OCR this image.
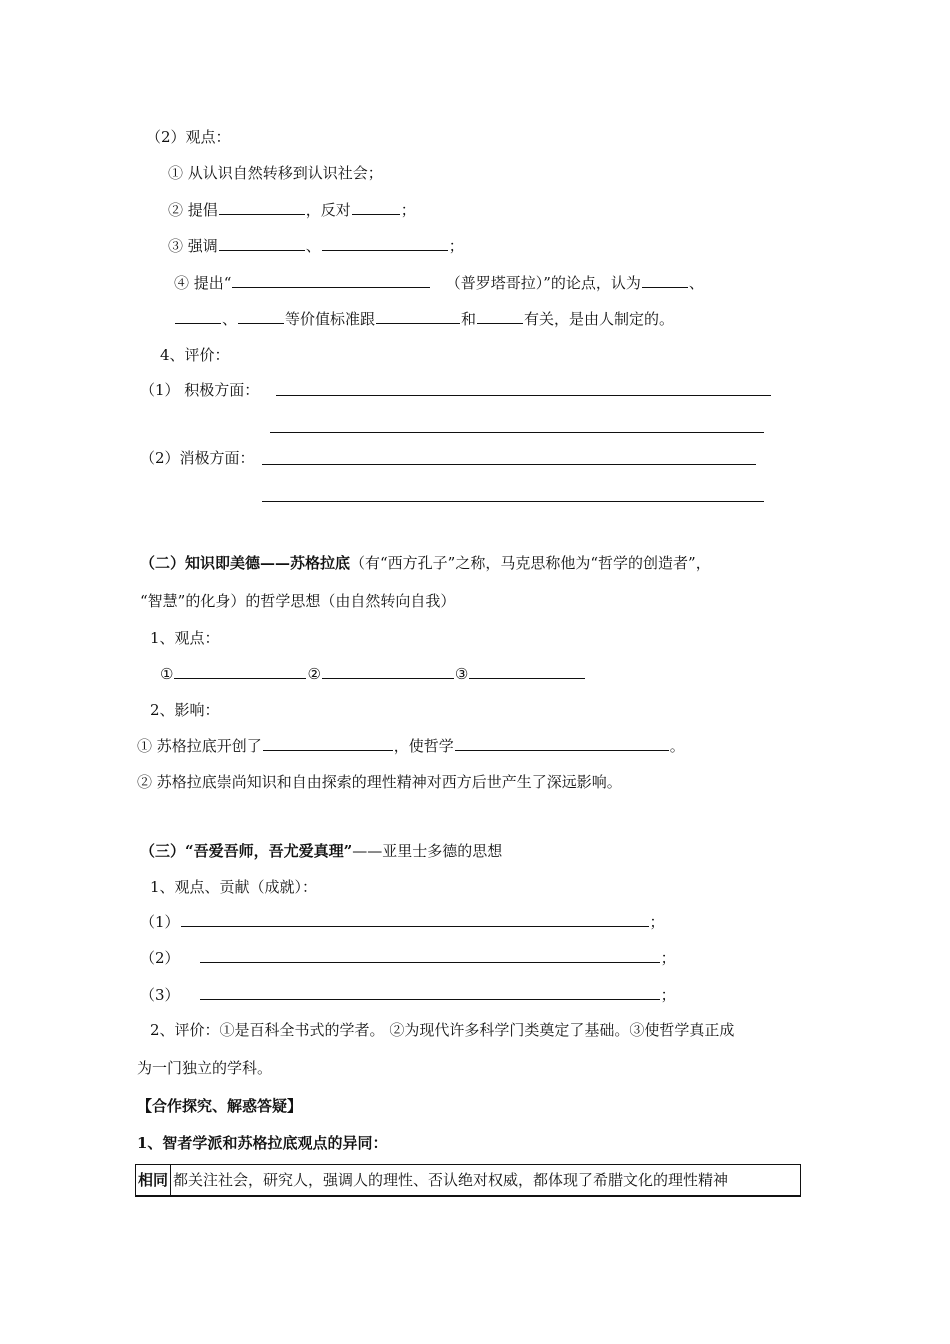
（2）观点：
① 从认识自然转移到认识社会；
② 提倡	，反对	；
③ 强调	、	；
④ 提出“	（普罗塔哥拉）”的论点，认为	、
、	等价值标准跟	和	有关，是由人制定的。
4、评价：
（1） 积极方面：
（2）消极方面：
（二）知识即美德——苏格拉底（有“西方孔子”之称，马克思称他为“哲学的创造者”，
“智慧”的化身）的哲学思想（由自然转向自我）
1、观点：
①	②	③
2、影响：
① 苏格拉底开创了	，使哲学	。
② 苏格拉底崇尚知识和自由探索的理性精神对西方后世产生了深远影响。
（三）“吾爱吾师，吾尤爱真理”——亚里士多德的思想
1、观点、贡献（成就）：
（1）	；
（2）	；
（3）	；
2、评价：①是百科全书式的学者。 ②为现代许多科学门类奠定了基础。③使哲学真正成
为一门独立的学科。
【合作探究、解惑答疑】
1、智者学派和苏格拉底观点的异同：
相同	都关注社会，研究人，强调人的理性、否认绝对权威，都体现了希腊文化的理性精神
